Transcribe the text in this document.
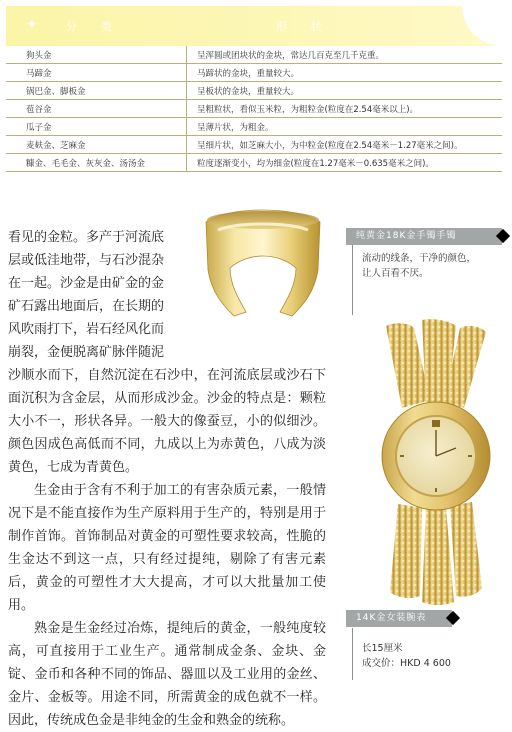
✦	分 类	形 状
狗头金	呈浑圆或团块状的金块，常达几百克至几千克重。
马蹄金	马蹄状的金块，重量较大。
锅巴金、脚板金	呈板状的金块，重量较大。
苞谷金	呈粗粒状，看似玉米粒，为粗粒金(粒度在2.54毫米以上)。
瓜子金	呈薄片状，为粗金。
麦麸金、芝麻金	呈细片状，如芝麻大小，为中粒金(粒度在2.54毫米－1.27毫米之间)。
糠金、毛毛金、灰灰金、汤汤金	粒度逐渐变小，均为细金(粒度在1.27毫米－0.635毫米之间)。

看见的金粒。多产于河流底

层或低洼地带，与石沙混杂

在一起。沙金是由矿金的金

矿石露出地面后，在长期的

风吹雨打下，岩石经风化而

崩裂，金便脱离矿脉伴随泥

沙顺水而下，自然沉淀在石沙中，在河流底层或沙石下面沉积为含金层，从而形成沙金。沙金的特点是：颗粒大小不一，形状各异。一般大的像蚕豆，小的似细沙。颜色因成色高低而不同，九成以上为赤黄色，八成为淡黄色，七成为青黄色。

生金由于含有不利于加工的有害杂质元素，一般情况下是不能直接作为生产原料用于生产的，特别是用于制作首饰。首饰制品对黄金的可塑性要求较高，性脆的生金达不到这一点，只有经过提纯，剔除了有害元素后，黄金的可塑性才大大提高，才可以大批量加工使用。

熟金是生金经过冶炼，提纯后的黄金，一般纯度较高，可直接用于工业生产。通常制成金条、金块、金锭、金币和各种不同的饰品、器皿以及工业用的金丝、金片、金板等。用途不同，所需黄金的成色就不一样。因此，传统成色金是非纯金的生金和熟金的统称。

纯黄金18K金手镯手镯
流动的线条，干净的颜色，
让人百看不厌。
14K金女装腕表
长15厘米
成交价：HKD 4 600
